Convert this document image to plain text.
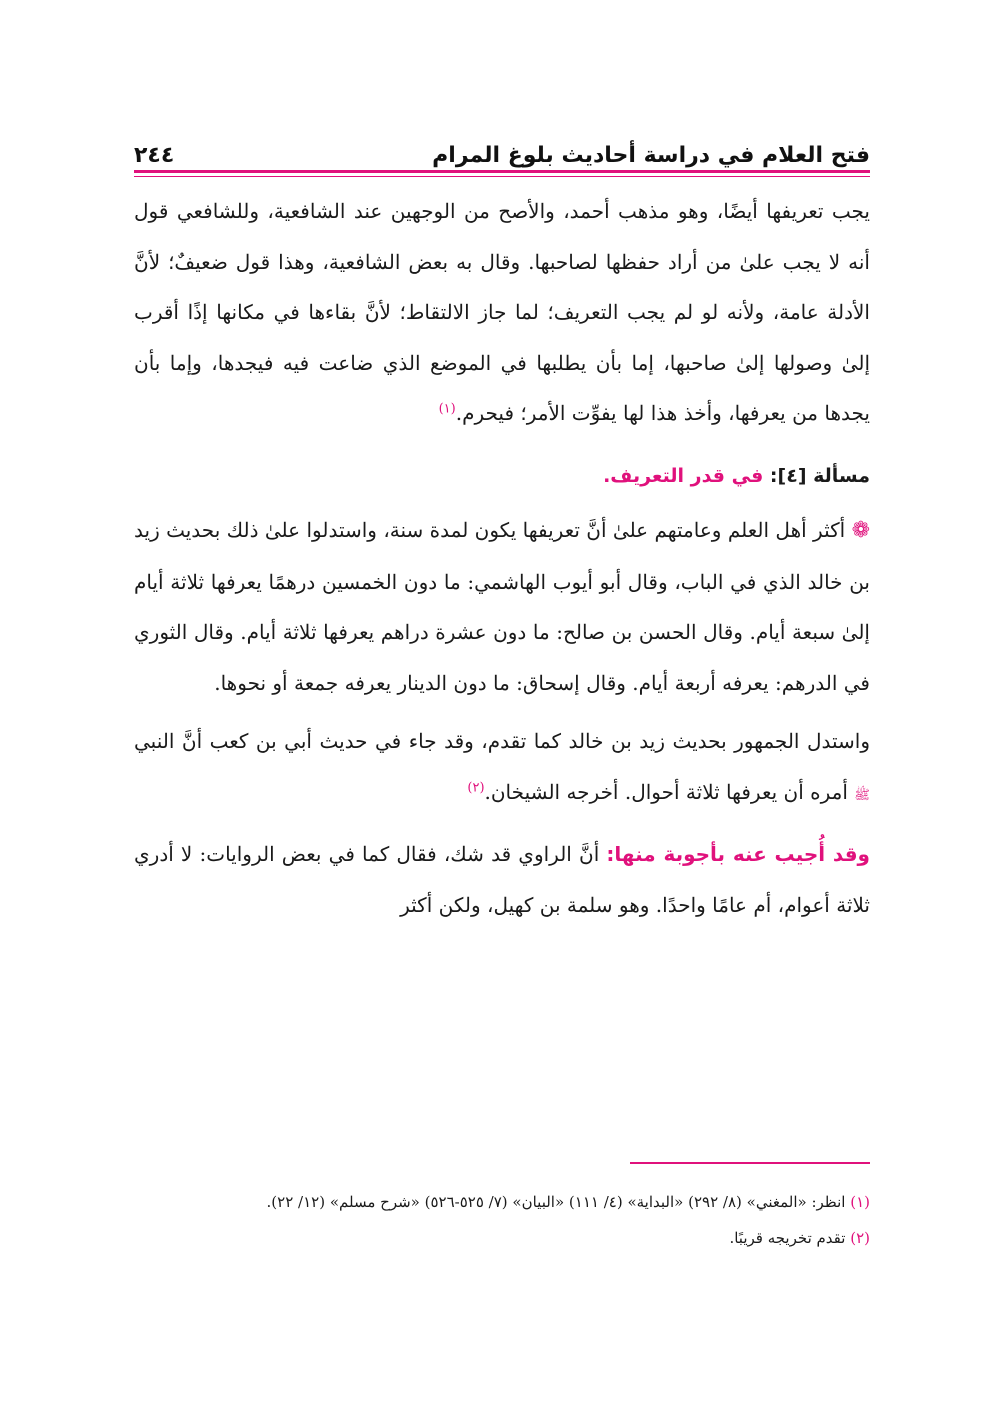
فتح العلام في دراسة أحاديث بلوغ المرام
٢٤٤

يجب تعريفها أيضًا، وهو مذهب أحمد، والأصح من الوجهين عند الشافعية، وللشافعي قول أنه لا يجب علىٰ من أراد حفظها لصاحبها. وقال به بعض الشافعية، وهذا قول ضعيفٌ؛ لأنَّ الأدلة عامة، ولأنه لو لم يجب التعريف؛ لما جاز الالتقاط؛ لأنَّ بقاءها في مكانها إذًا أقرب إلىٰ وصولها إلىٰ صاحبها، إما بأن يطلبها في الموضع الذي ضاعت فيه فيجدها، وإما بأن يجدها من يعرفها، وأخذ هذا لها يفوِّت الأمر؛ فيحرم.$^{(١)}$

مسألة [٤]: في قدر التعريف.

❁ أكثر أهل العلم وعامتهم علىٰ أنَّ تعريفها يكون لمدة سنة، واستدلوا علىٰ ذلك بحديث زيد بن خالد الذي في الباب، وقال أبو أيوب الهاشمي: ما دون الخمسين درهمًا يعرفها ثلاثة أيام إلىٰ سبعة أيام. وقال الحسن بن صالح: ما دون عشرة دراهم يعرفها ثلاثة أيام. وقال الثوري في الدرهم: يعرفه أربعة أيام. وقال إسحاق: ما دون الدينار يعرفه جمعة أو نحوها.

واستدل الجمهور بحديث زيد بن خالد كما تقدم، وقد جاء في حديث أبي بن كعب أنَّ النبي ﷺ أمره أن يعرفها ثلاثة أحوال. أخرجه الشيخان.$^{(٢)}$

وقد أُجيب عنه بأجوبة منها: أنَّ الراوي قد شك، فقال كما في بعض الروايات: لا أدري ثلاثة أعوام، أم عامًا واحدًا. وهو سلمة بن كهيل، ولكن أكثر

(١) انظر: «المغني» (٨/ ٢٩٢) «البداية» (٤/ ١١١) «البيان» (٧/ ٥٢٥-٥٢٦) «شرح مسلم» (١٢/ ٢٢).

(٢) تقدم تخريجه قريبًا.
